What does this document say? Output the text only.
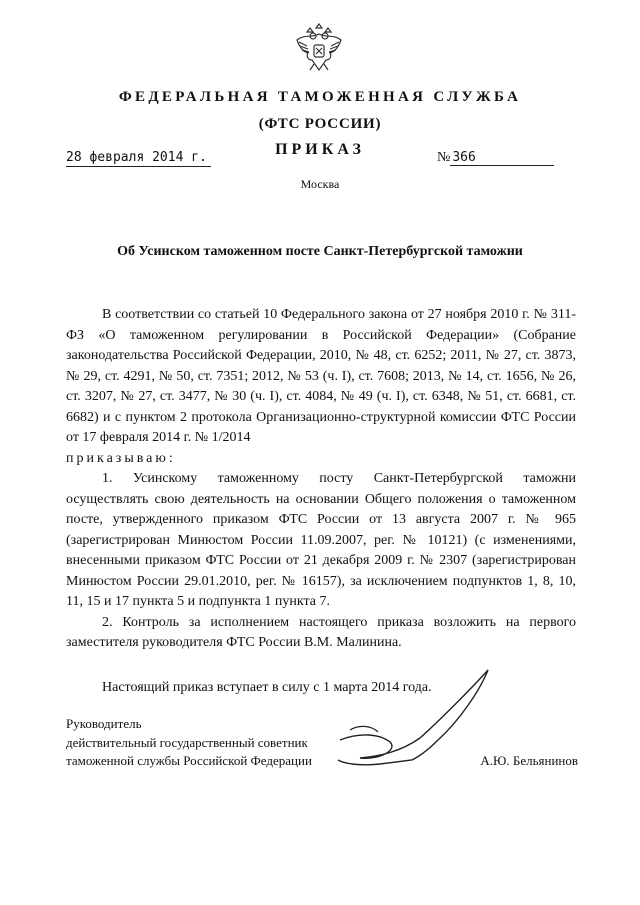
ФЕДЕРАЛЬНАЯ ТАМОЖЕННАЯ СЛУЖБА
(ФТС РОССИИ)
ПРИКАЗ
28 февраля 2014 г.	№ 366
Москва
Об Усинском таможенном посте Санкт-Петербургской таможни

В соответствии со статьей 10 Федерального закона от 27 ноября 2010 г. № 311-ФЗ «О таможенном регулировании в Российской Федерации» (Собрание законодательства Российской Федерации, 2010, № 48, ст. 6252; 2011, № 27, ст. 3873, № 29, ст. 4291, № 50, ст. 7351; 2012, № 53 (ч. I), ст. 7608; 2013, № 14, ст. 1656, № 26, ст. 3207, № 27, ст. 3477, № 30 (ч. I), ст. 4084, № 49 (ч. I), ст. 6348, № 51, ст. 6681, ст. 6682) и с пунктом 2 протокола Организационно-структурной комиссии ФТС России от 17 февраля 2014 г. № 1/2014

приказываю:

1. Усинскому таможенному посту Санкт-Петербургской таможни осуществлять свою деятельность на основании Общего положения о таможенном посте, утвержденного приказом ФТС России от 13 августа 2007 г. № 965 (зарегистрирован Минюстом России 11.09.2007, рег. № 10121) (с изменениями, внесенными приказом ФТС России от 21 декабря 2009 г. № 2307 (зарегистрирован Минюстом России 29.01.2010, рег. № 16157), за исключением подпунктов 1, 8, 10, 11, 15 и 17 пункта 5 и подпункта 1 пункта 7.

2. Контроль за исполнением настоящего приказа возложить на первого заместителя руководителя ФТС России В.М. Малинина.

Настоящий приказ вступает в силу с 1 марта 2014 года.

Руководитель
действительный государственный советник
таможенной службы Российской Федерации	А.Ю. Бельянинов
